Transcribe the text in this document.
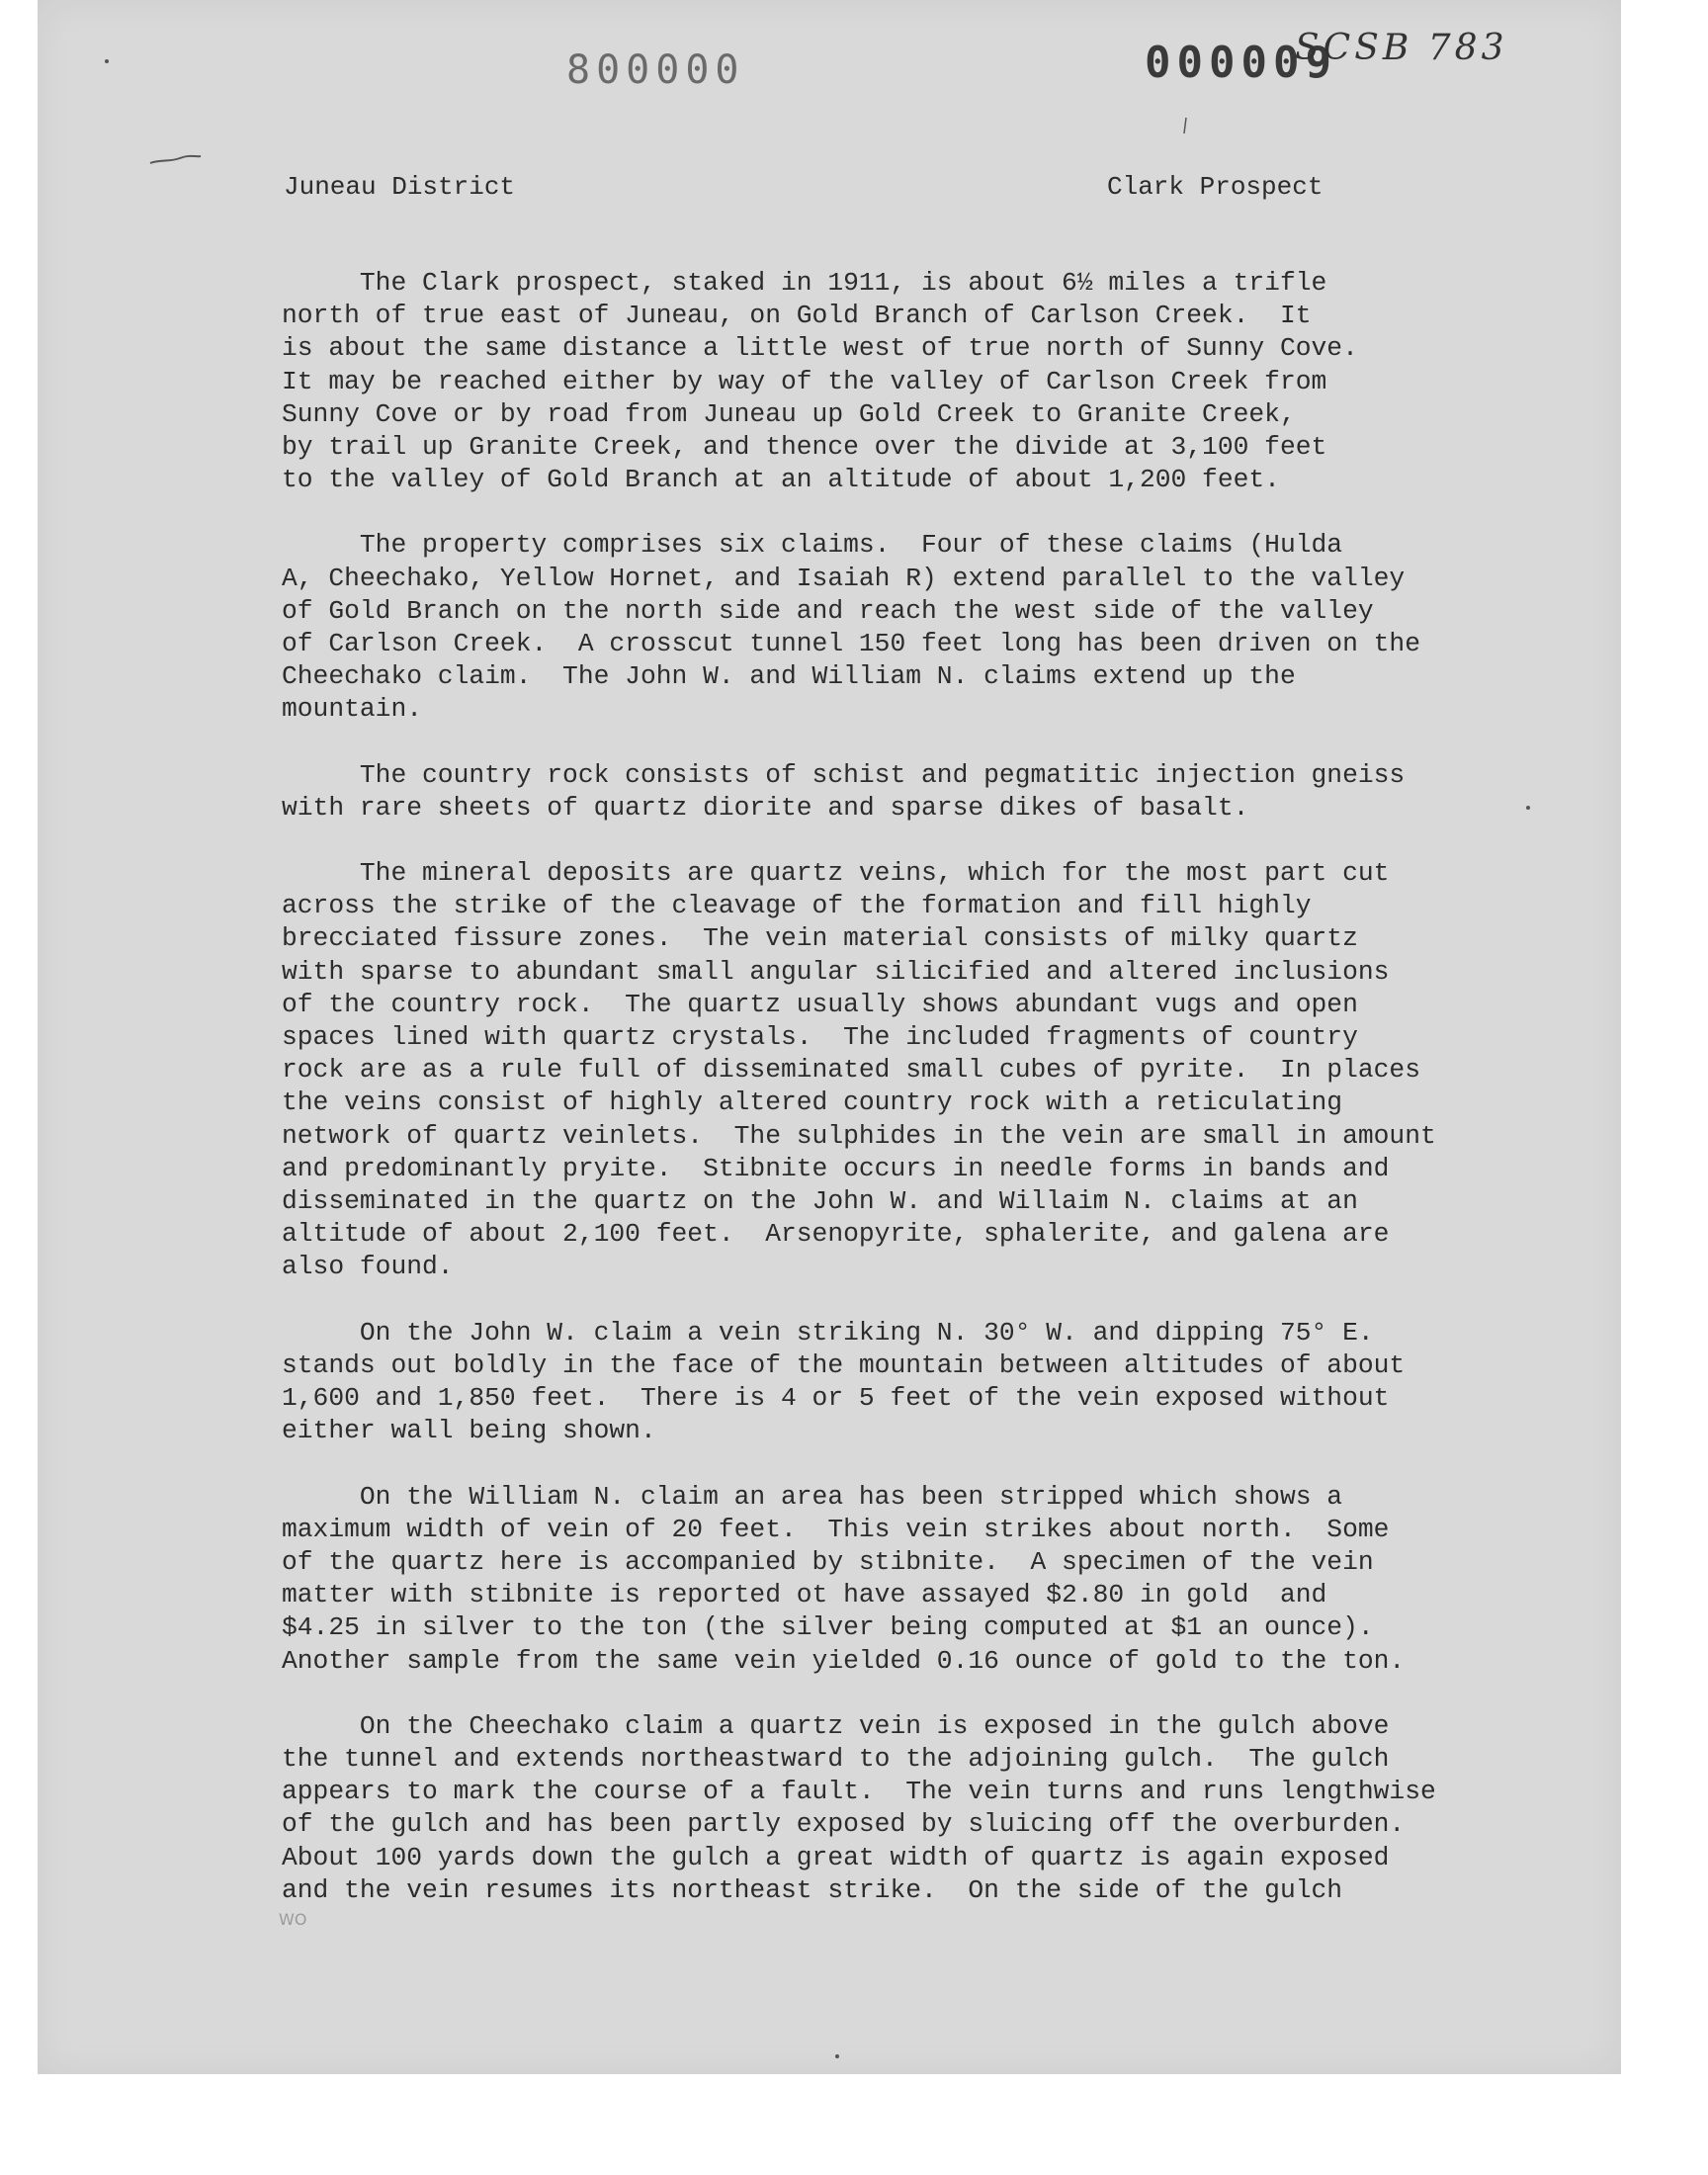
800000	000009
SCSB 783
Juneau District	Clark Prospect
The Clark prospect, staked in 1911, is about 6½ miles a trifle
north of true east of Juneau, on Gold Branch of Carlson Creek.  It
is about the same distance a little west of true north of Sunny Cove.
It may be reached either by way of the valley of Carlson Creek from
Sunny Cove or by road from Juneau up Gold Creek to Granite Creek,
by trail up Granite Creek, and thence over the divide at 3,100 feet
to the valley of Gold Branch at an altitude of about 1,200 feet.
The property comprises six claims.  Four of these claims (Hulda
A, Cheechako, Yellow Hornet, and Isaiah R) extend parallel to the valley
of Gold Branch on the north side and reach the west side of the valley
of Carlson Creek.  A crosscut tunnel 150 feet long has been driven on the
Cheechako claim.  The John W. and William N. claims extend up the
mountain.
The country rock consists of schist and pegmatitic injection gneiss
with rare sheets of quartz diorite and sparse dikes of basalt.
The mineral deposits are quartz veins, which for the most part cut
across the strike of the cleavage of the formation and fill highly
brecciated fissure zones.  The vein material consists of milky quartz
with sparse to abundant small angular silicified and altered inclusions
of the country rock.  The quartz usually shows abundant vugs and open
spaces lined with quartz crystals.  The included fragments of country
rock are as a rule full of disseminated small cubes of pyrite.  In places
the veins consist of highly altered country rock with a reticulating
network of quartz veinlets.  The sulphides in the vein are small in amount
and predominantly pryite.  Stibnite occurs in needle forms in bands and
disseminated in the quartz on the John W. and Willaim N. claims at an
altitude of about 2,100 feet.  Arsenopyrite, sphalerite, and galena are
also found.
On the John W. claim a vein striking N. 30° W. and dipping 75° E.
stands out boldly in the face of the mountain between altitudes of about
1,600 and 1,850 feet.  There is 4 or 5 feet of the vein exposed without
either wall being shown.
On the William N. claim an area has been stripped which shows a
maximum width of vein of 20 feet.  This vein strikes about north.  Some
of the quartz here is accompanied by stibnite.  A specimen of the vein
matter with stibnite is reported ot have assayed $2.80 in gold  and
$4.25 in silver to the ton (the silver being computed at $1 an ounce).
Another sample from the same vein yielded 0.16 ounce of gold to the ton.
On the Cheechako claim a quartz vein is exposed in the gulch above
the tunnel and extends northeastward to the adjoining gulch.  The gulch
appears to mark the course of a fault.  The vein turns and runs lengthwise
of the gulch and has been partly exposed by sluicing off the overburden.
About 100 yards down the gulch a great width of quartz is again exposed
and the vein resumes its northeast strike.  On the side of the gulch
WO
